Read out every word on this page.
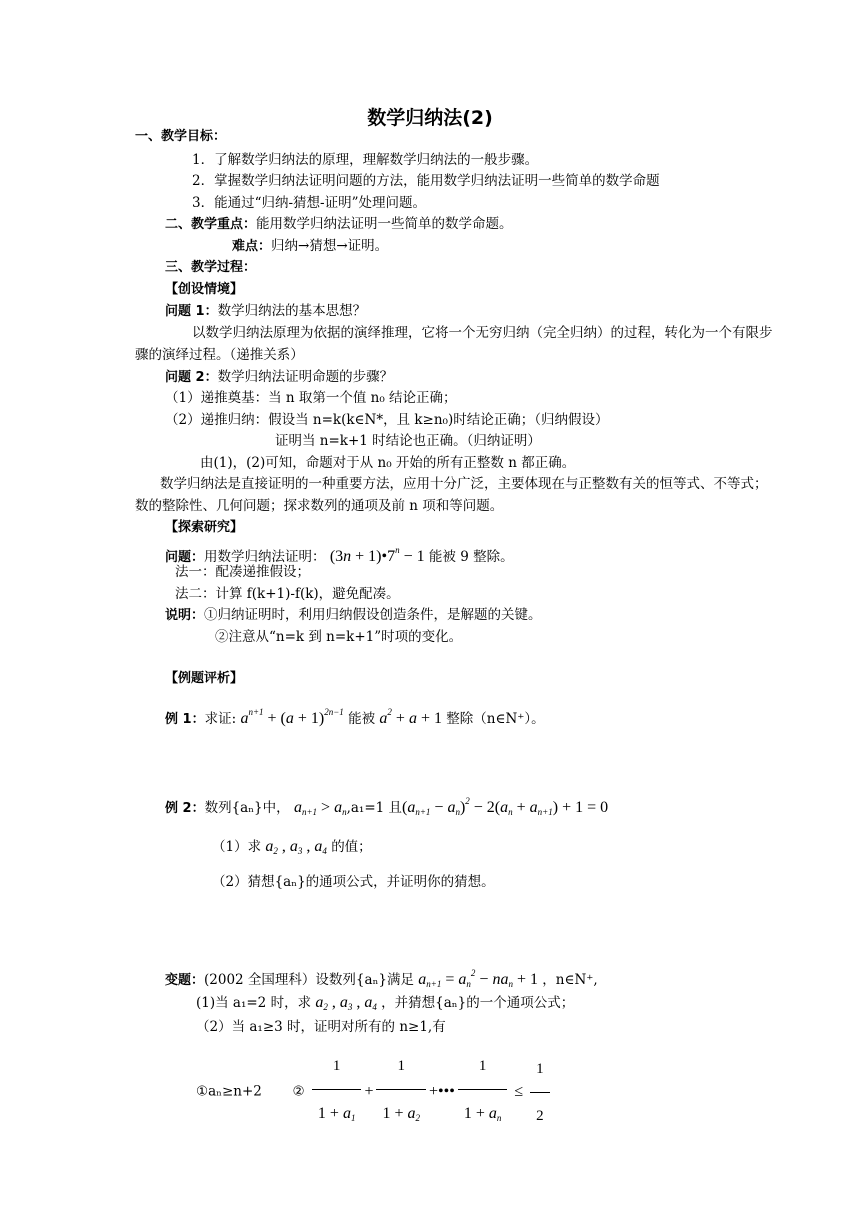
数学归纳法(2)
一、教学目标：
1．了解数学归纳法的原理，理解数学归纳法的一般步骤。
2．掌握数学归纳法证明问题的方法，能用数学归纳法证明一些简单的数学命题
3．能通过“归纳-猜想-证明”处理问题。
二、教学重点：能用数学归纳法证明一些简单的数学命题。
难点：归纳→猜想→证明。
三、教学过程：
【创设情境】
问题 1：数学归纳法的基本思想？
以数学归纳法原理为依据的演绎推理，它将一个无穷归纳（完全归纳）的过程，转化为一个有限步
骤的演绎过程。（递推关系）
问题 2：数学归纳法证明命题的步骤？
（1）递推奠基：当 n 取第一个值 n₀ 结论正确；
（2）递推归纳：假设当 n=k(k∈N*，且 k≥n₀)时结论正确；（归纳假设）
证明当 n=k+1 时结论也正确。（归纳证明）
由(1)，(2)可知，命题对于从 n₀ 开始的所有正整数 n 都正确。
数学归纳法是直接证明的一种重要方法，应用十分广泛，主要体现在与正整数有关的恒等式、不等式；
数的整除性、几何问题；探求数列的通项及前 n 项和等问题。
【探索研究】
问题：用数学归纳法证明： $(3n + 1)•7^n - 1$ 能被 9 整除。
法一：配凑递推假设；
法二：计算 f(k+1)-f(k)，避免配凑。
说明：①归纳证明时，利用归纳假设创造条件，是解题的关键。
②注意从“n=k 到 n=k+1”时项的变化。
【例题评析】
例 1：求证: $a^{n+1} + (a + 1)^{2n-1}$ 能被 $a^2 + a + 1$ 整除（n∈N⁺）。
例 2：数列{aₙ}中， $a_{n+1} > a_n,a_1=1$ 且$(a_{n+1} - a_n)^2 - 2(a_n + a_{n+1}) + 1 = 0$
（1）求 $a_2$ , $a_3$ , $a_4$ 的值；
（2）猜想{aₙ}的通项公式，并证明你的猜想。
变题：(2002 全国理科）设数列{aₙ}满足 $a_{n+1} = a_n^2 - na_n + 1$ ，n∈N⁺,
(1)当 a₁=2 时，求 $a_2$ , $a_3$ , $a_4$ ，并猜想{aₙ}的一个通项公式；
（2）当 a₁≥3 时，证明对所有的 n≥1,有
①aₙ≥n+2 ② $\frac{1}{1 + a_1} + \frac{1}{1 + a_2}$ +••• $\frac{1}{1 + a_n} \le \frac{1}{2}$
